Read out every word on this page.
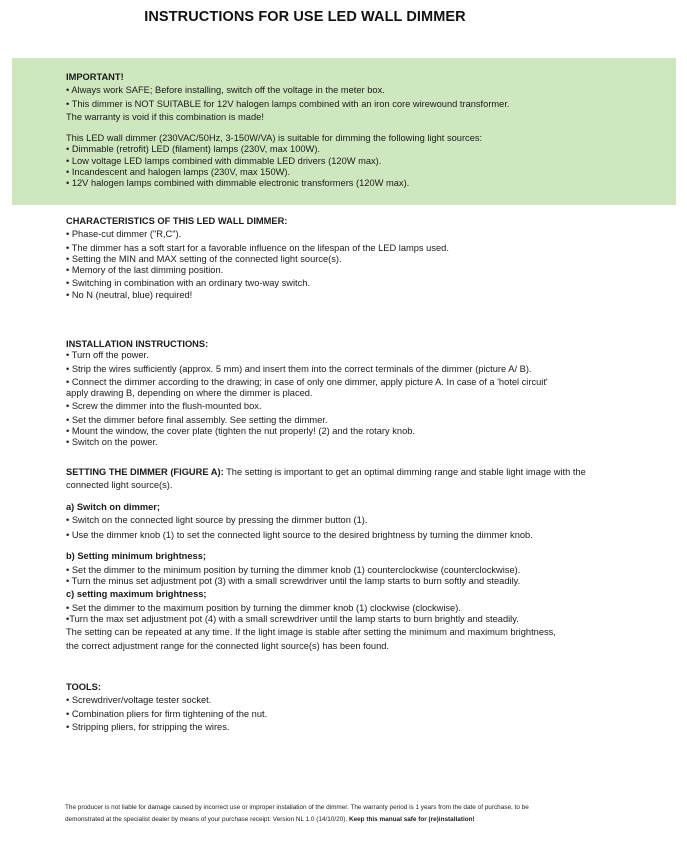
INSTRUCTIONS FOR USE LED WALL DIMMER
IMPORTANT!
• Always work SAFE; Before installing, switch off the voltage in the meter box.
• This dimmer is NOT SUITABLE for 12V halogen lamps combined with an iron core wirewound transformer.
The warranty is void if this combination is made!
This LED wall dimmer (230VAC/50Hz, 3-150W/VA) is suitable for dimming the following light sources:
• Dimmable (retrofit) LED (filament) lamps (230V, max 100W).
• Low voltage LED lamps combined with dimmable LED drivers (120W max).
• Incandescent and halogen lamps (230V, max 150W).
• 12V halogen lamps combined with dimmable electronic transformers (120W max).
CHARACTERISTICS OF THIS LED WALL DIMMER:
• Phase-cut dimmer ("R,C").
• The dimmer has a soft start for a favorable influence on the lifespan of the LED lamps used.
• Setting the MIN and MAX setting of the connected light source(s).
• Memory of the last dimming position.
• Switching in combination with an ordinary two-way switch.
• No N (neutral, blue) required!
INSTALLATION INSTRUCTIONS:
• Turn off the power.
• Strip the wires sufficiently (approx. 5 mm) and insert them into the correct terminals of the dimmer (picture A/ B).
• Connect the dimmer according to the drawing; in case of only one dimmer, apply picture A. In case of a 'hotel circuit'
apply drawing B, depending on where the dimmer is placed.
• Screw the dimmer into the flush-mounted box.
• Set the dimmer before final assembly. See setting the dimmer.
• Mount the window, the cover plate (tighten the nut properly! (2) and the rotary knob.
• Switch on the power.
SETTING THE DIMMER (FIGURE A): The setting is important to get an optimal dimming range and stable light image with the
connected light source(s).
a) Switch on dimmer;
• Switch on the connected light source by pressing the dimmer button (1).
• Use the dimmer knob (1) to set the connected light source to the desired brightness by turning the dimmer knob.
b) Setting minimum brightness;
• Set the dimmer to the minimum position by turning the dimmer knob (1) counterclockwise (counterclockwise).
• Turn the minus set adjustment pot (3) with a small screwdriver until the lamp starts to burn softly and steadily.
c) setting maximum brightness;
• Set the dimmer to the maximum position by turning the dimmer knob (1) clockwise (clockwise).
•Turn the max set adjustment pot (4) with a small screwdriver until the lamp starts to burn brightly and steadily.
The setting can be repeated at any time. If the light image is stable after setting the minimum and maximum brightness,
the correct adjustment range for the connected light source(s) has been found.
TOOLS:
• Screwdriver/voltage tester socket.
• Combination pliers for firm tightening of the nut.
• Stripping pliers, for stripping the wires.
The producer is not liable for damage caused by incorrect use or improper installation of the dimmer. The warranty period is 1 years from the date of purchase, to be
demonstrated at the specialist dealer by means of your purchase receipt. Version NL 1.0 (14/10/20). Keep this manual safe for (re)installation!
